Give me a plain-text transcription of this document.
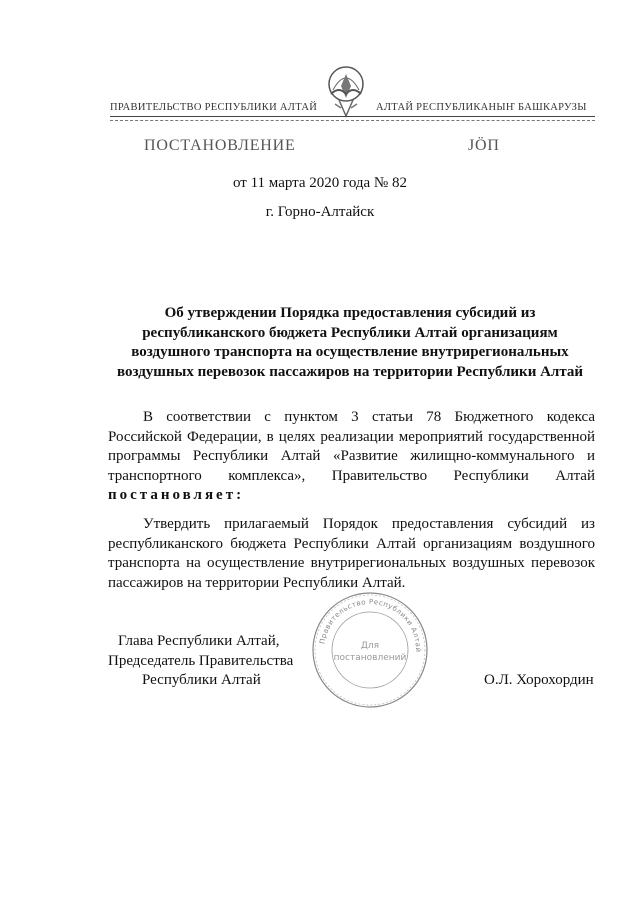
ПРАВИТЕЛЬСТВО РЕСПУБЛИКИ АЛТАЙ	АЛТАЙ РЕСПУБЛИКАНЫҤ БАШКАРУЗЫ
ПОСТАНОВЛЕНИЕ	ЈӦП
от 11 марта 2020 года № 82
г. Горно-Алтайск
Об утверждении Порядка предоставления субсидий из
республиканского бюджета Республики Алтай организациям
воздушного транспорта на осуществление внутрирегиональных
воздушных перевозок пассажиров на территории Республики Алтай
В соответствии с пунктом 3 статьи 78 Бюджетного кодекса
Российской Федерации, в целях реализации мероприятий государственной
программы Республики Алтай «Развитие жилищно-коммунального и
транспортного комплекса», Правительство Республики Алтай
постановляет:
Утвердить прилагаемый Порядок предоставления субсидий из
республиканского бюджета Республики Алтай организациям воздушного
транспорта на осуществление внутрирегиональных воздушных перевозок
пассажиров на территории Республики Алтай.
Глава Республики Алтай,
Председатель Правительства
Республики Алтай	О.Л. Хорохордин
Правительство Республики Алтай
Для
постановлений
